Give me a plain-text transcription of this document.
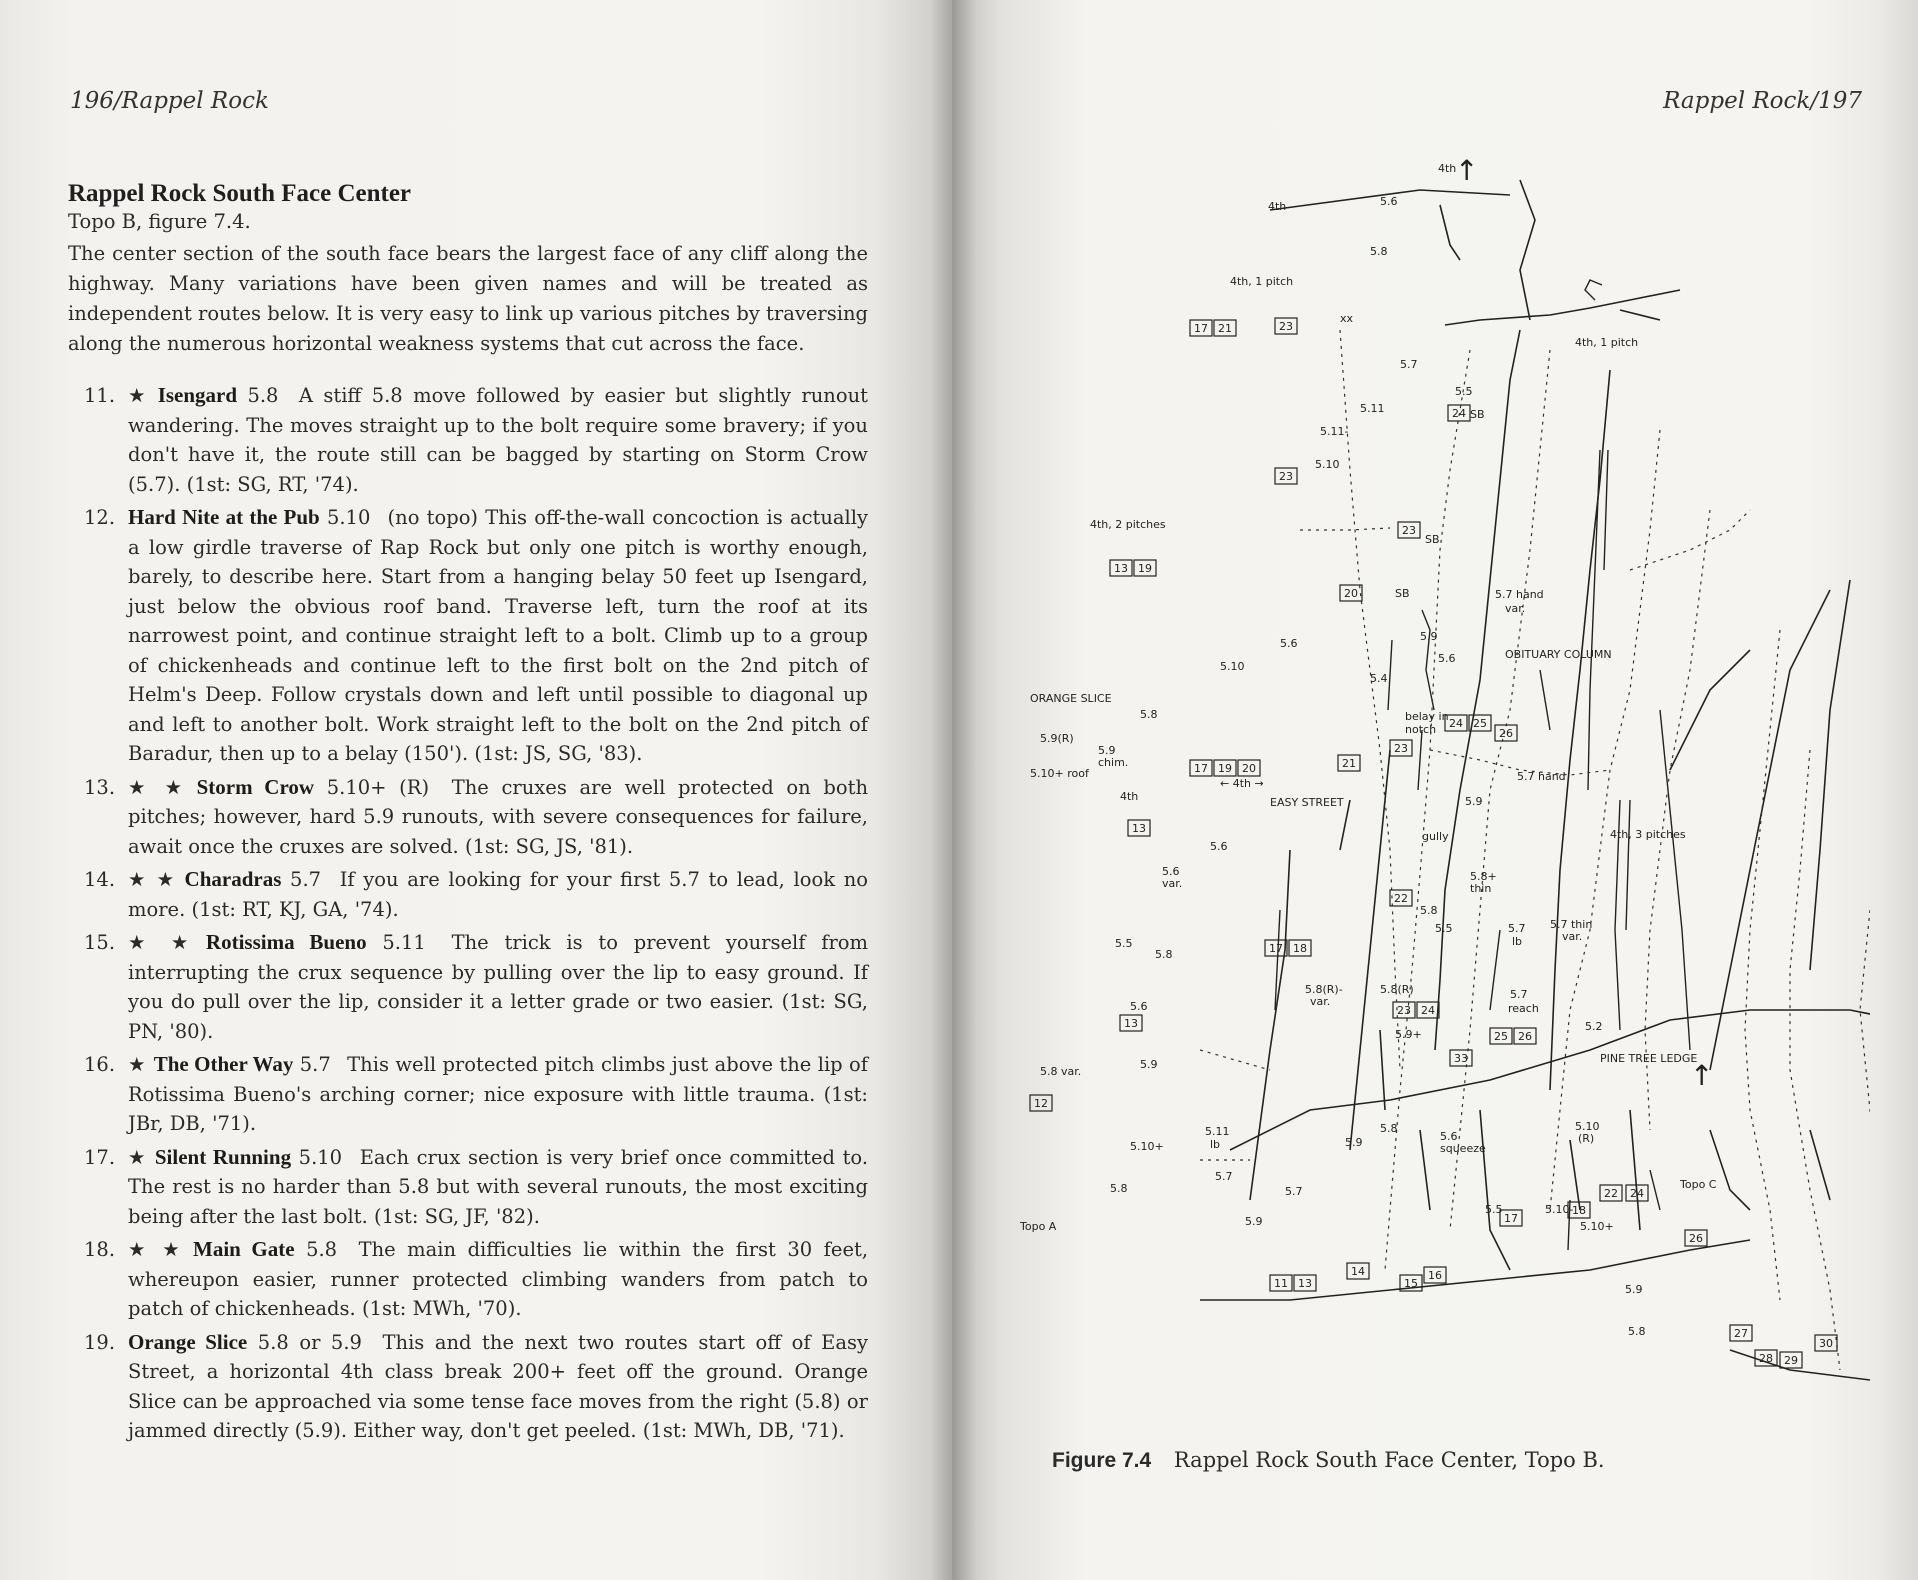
196/Rappel Rock
Rappel Rock South Face Center
Topo B, figure 7.4.

The center section of the south face bears the largest face of any cliff along the highway. Many variations have been given names and will be treated as independent routes below. It is very easy to link up various pitches by traversing along the numerous horizontal weakness systems that cut across the face.

11. ★ Isengard 5.8 A stiff 5.8 move followed by easier but slightly runout wandering. The moves straight up to the bolt require some bravery; if you don't have it, the route still can be bagged by starting on Storm Crow (5.7). (1st: SG, RT, '74).
12. Hard Nite at the Pub 5.10 (no topo) This off-the-wall concoction is actually a low girdle traverse of Rap Rock but only one pitch is worthy enough, barely, to describe here. Start from a hanging belay 50 feet up Isengard, just below the obvious roof band. Traverse left, turn the roof at its narrowest point, and continue straight left to a bolt. Climb up to a group of chickenheads and continue left to the first bolt on the 2nd pitch of Helm's Deep. Follow crystals down and left until possible to diagonal up and left to another bolt. Work straight left to the bolt on the 2nd pitch of Baradur, then up to a belay (150'). (1st: JS, SG, '83).
13. ★ ★ Storm Crow 5.10+ (R) The cruxes are well protected on both pitches; however, hard 5.9 runouts, with severe consequences for failure, await once the cruxes are solved. (1st: SG, JS, '81).
14. ★ ★ Charadras 5.7 If you are looking for your first 5.7 to lead, look no more. (1st: RT, KJ, GA, '74).
15. ★ ★ Rotissima Bueno 5.11 The trick is to prevent yourself from interrupting the crux sequence by pulling over the lip to easy ground. If you do pull over the lip, consider it a letter grade or two easier. (1st: SG, PN, '80).
16. ★ The Other Way 5.7 This well protected pitch climbs just above the lip of Rotissima Bueno's arching corner; nice exposure with little trauma. (1st: JBr, DB, '71).
17. ★ Silent Running 5.10 Each crux section is very brief once committed to. The rest is no harder than 5.8 but with several runouts, the most exciting being after the last bolt. (1st: SG, JF, '82).
18. ★ ★ Main Gate 5.8 The main difficulties lie within the first 30 feet, whereupon easier, runner protected climbing wanders from patch to patch of chickenheads. (1st: MWh, '70).
19. Orange Slice 5.8 or 5.9 This and the next two routes start off of Easy Street, a horizontal 4th class break 200+ feet off the ground. Orange Slice can be approached via some tense face moves from the right (5.8) or jammed directly (5.9). Either way, don't get peeled. (1st: MWh, DB, '71).
Rappel Rock/197
↑
↑
4th
4th	5.6
5.8
4th, 1 pitch
xx
4th, 1 pitch
5.7
5.5
5.11
5.11-
SB
5.10
4th, 2 pitches
SB
SB	5.7 hand
var.
5.6
5.9
5.10
5.4
5.6	OBITUARY COLUMN
ORANGE SLICE
5.8
5.9(R)
5.9
chim.
5.10+ roof
belay in
notch
← 4th →
EASY STREET
4th
5.7 hand
5.9
gully	4th, 3 pitches
5.6
5.6
var.
5.8+
thin
5.8
5.5	5.7
lb
5.7 thin
var.
5.5
5.8
5.8(R)-
var.
5.8(R)	5.7
reach
5.2
5.6
5.9+
PINE TREE LEDGE
5.8 var.
5.9
5.11
lb
5.10+
5.8
5.9	5.6
squeeze
5.10
(R)
5.7
5.7
5.8
5.9
5.5	5.10-
5.10+
Topo A
Topo C
5.9
5.8
11 13
14
15
16
17
18
22 24
26
27
28 29
30
12
13
23 24
25 26
33
17 18
22
13
17 19 20	21
23
24 25
26
13 19
20
23
23
24
17 21
23
Figure 7.4 Rappel Rock South Face Center, Topo B.
